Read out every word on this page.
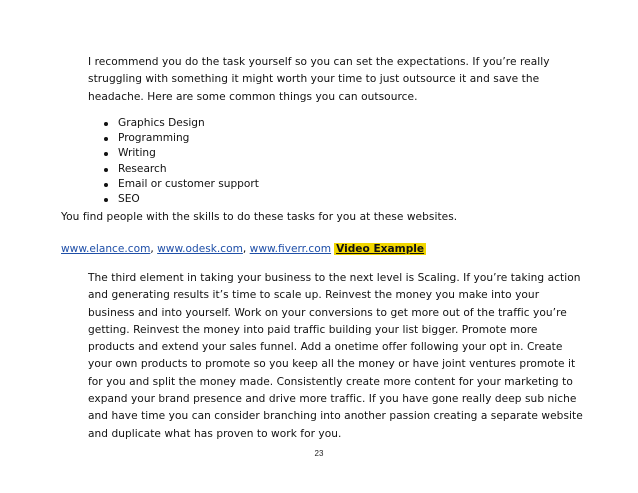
I recommend you do the task yourself so you can set the expectations. If you’re really
struggling with something it might worth your time to just outsource it and save the
headache. Here are some common things you can outsource.

Graphics Design
Programming
Writing
Research
Email or customer support
SEO

You find people with the skills to do these tasks for you at these websites.

www.elance.com, www.odesk.com, www.fiverr.com Video Example

The third element in taking your business to the next level is Scaling. If you’re taking action
and generating results it’s time to scale up. Reinvest the money you make into your
business and into yourself. Work on your conversions to get more out of the traffic you’re
getting. Reinvest the money into paid traffic building your list bigger. Promote more
products and extend your sales funnel. Add a onetime offer following your opt in. Create
your own products to promote so you keep all the money or have joint ventures promote it
for you and split the money made. Consistently create more content for your marketing to
expand your brand presence and drive more traffic. If you have gone really deep sub niche
and have time you can consider branching into another passion creating a separate website
and duplicate what has proven to work for you.

23
